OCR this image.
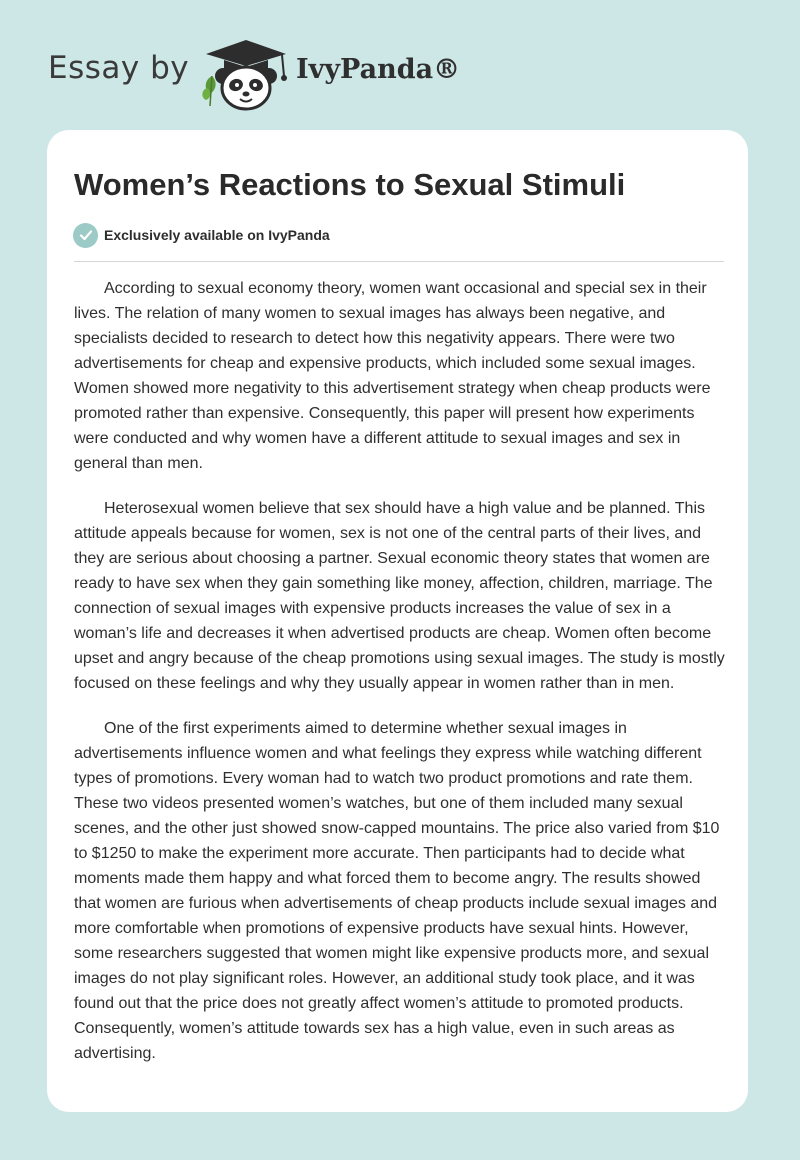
Essay by	IvyPanda®
Women’s Reactions to Sexual Stimuli
Exclusively available on IvyPanda

According to sexual economy theory, women want occasional and special sex in their lives. The relation of many women to sexual images has always been negative, and specialists decided to research to detect how this negativity appears. There were two advertisements for cheap and expensive products, which included some sexual images. Women showed more negativity to this advertisement strategy when cheap products were promoted rather than expensive. Consequently, this paper will present how experiments were conducted and why women have a different attitude to sexual images and sex in general than men.

Heterosexual women believe that sex should have a high value and be planned. This attitude appeals because for women, sex is not one of the central parts of their lives, and they are serious about choosing a partner. Sexual economic theory states that women are ready to have sex when they gain something like money, affection, children, marriage. The connection of sexual images with expensive products increases the value of sex in a woman’s life and decreases it when advertised products are cheap. Women often become upset and angry because of the cheap promotions using sexual images. The study is mostly focused on these feelings and why they usually appear in women rather than in men.

One of the first experiments aimed to determine whether sexual images in advertisements influence women and what feelings they express while watching different types of promotions. Every woman had to watch two product promotions and rate them. These two videos presented women’s watches, but one of them included many sexual scenes, and the other just showed snow-capped mountains. The price also varied from $10 to $1250 to make the experiment more accurate. Then participants had to decide what moments made them happy and what forced them to become angry. The results showed that women are furious when advertisements of cheap products include sexual images and more comfortable when promotions of expensive products have sexual hints. However, some researchers suggested that women might like expensive products more, and sexual images do not play significant roles. However, an additional study took place, and it was found out that the price does not greatly affect women’s attitude to promoted products. Consequently, women’s attitude towards sex has a high value, even in such areas as advertising.
